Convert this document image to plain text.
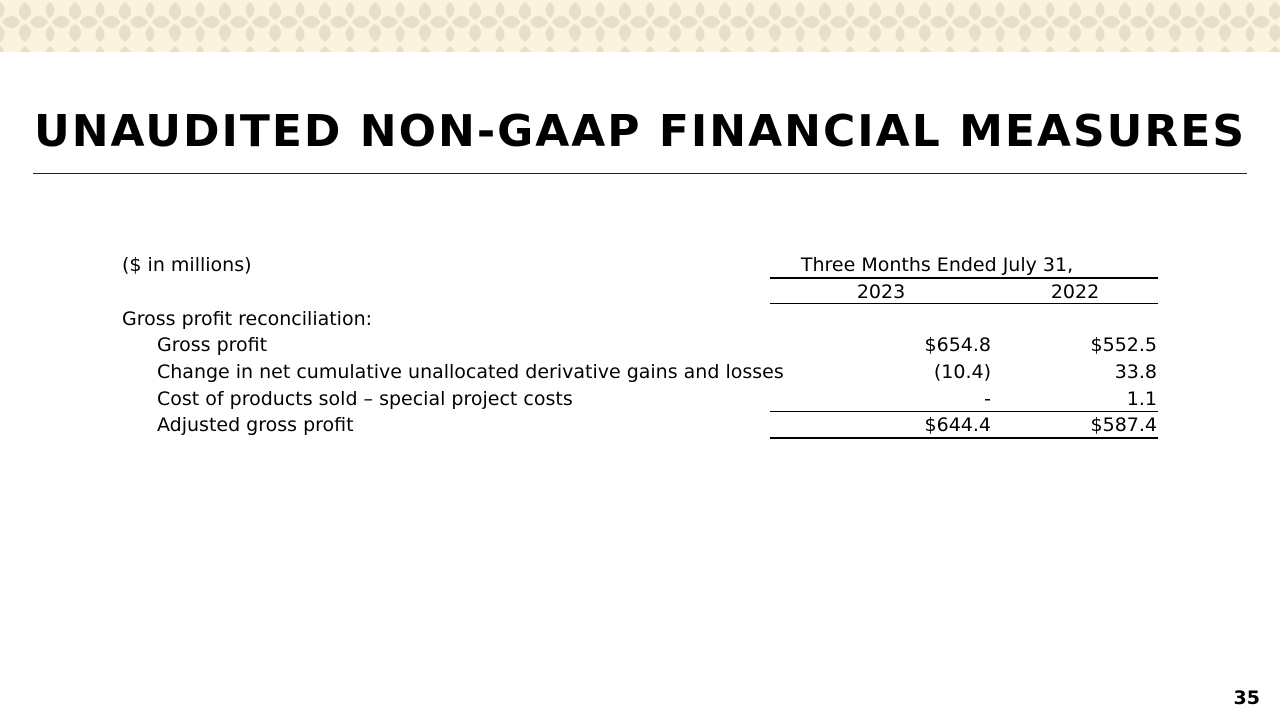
UNAUDITED NON-GAAP FINANCIAL MEASURES
($ in millions)	Three Months Ended July 31,
2023	2022
Gross profit reconciliation:
Gross profit	$654.8	$552.5
Change in net cumulative unallocated derivative gains and losses	(10.4)	33.8
Cost of products sold – special project costs	-	1.1
Adjusted gross profit	$644.4	$587.4
35
